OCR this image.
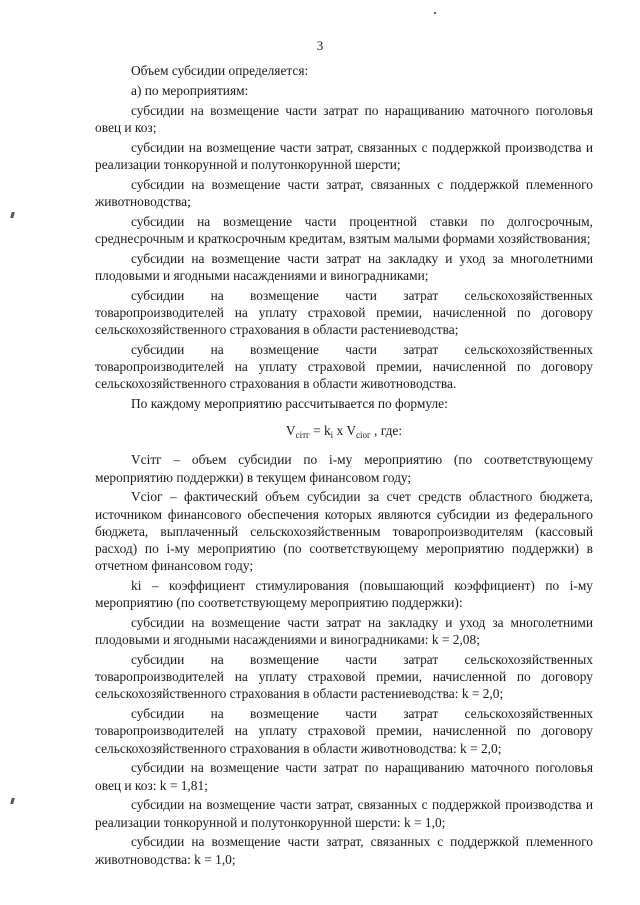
3

Объем субсидии определяется:

а) по мероприятиям:

субсидии на возмещение части затрат по наращиванию маточного поголовья овец и коз;

субсидии на возмещение части затрат, связанных с поддержкой производства и реализации тонкорунной и полутонкорунной шерсти;

субсидии на возмещение части затрат, связанных с поддержкой племенного животноводства;

субсидии на возмещение части процентной ставки по долгосрочным, среднесрочным и краткосрочным кредитам, взятым малыми формами хозяйствования;

субсидии на возмещение части затрат на закладку и уход за многолетними плодовыми и ягодными насаждениями и виноградниками;

субсидии на возмещение части затрат сельскохозяйственных товаропроизводителей на уплату страховой премии, начисленной по договору сельскохозяйственного страхования в области растениеводства;

субсидии на возмещение части затрат сельскохозяйственных товаропроизводителей на уплату страховой премии, начисленной по договору сельскохозяйственного страхования в области животноводства.

По каждому мероприятию рассчитывается по формуле:

$V_{ciтг} = k_i$ x $V_{ciог}$ , где:

Vciтг – объем субсидии по i-му мероприятию (по соответствующему мероприятию поддержки) в текущем финансовом году;

Vciог – фактический объем субсидии за счет средств областного бюджета, источником финансового обеспечения которых являются субсидии из федерального бюджета, выплаченный сельскохозяйственным товаропроизводителям (кассовый расход) по i-му мероприятию (по соответствующему мероприятию поддержки) в отчетном финансовом году;

ki – коэффициент стимулирования (повышающий коэффициент) по i-му мероприятию (по соответствующему мероприятию поддержки):

субсидии на возмещение части затрат на закладку и уход за многолетними плодовыми и ягодными насаждениями и виноградниками: k = 2,08;

субсидии на возмещение части затрат сельскохозяйственных товаропроизводителей на уплату страховой премии, начисленной по договору сельскохозяйственного страхования в области растениеводства: k = 2,0;

субсидии на возмещение части затрат сельскохозяйственных товаропроизводителей на уплату страховой премии, начисленной по договору сельскохозяйственного страхования в области животноводства: k = 2,0;

субсидии на возмещение части затрат по наращиванию маточного поголовья овец и коз: k = 1,81;

субсидии на возмещение части затрат, связанных с поддержкой производства и реализации тонкорунной и полутонкорунной шерсти: k = 1,0;

субсидии на возмещение части затрат, связанных с поддержкой племенного животноводства: k = 1,0;
